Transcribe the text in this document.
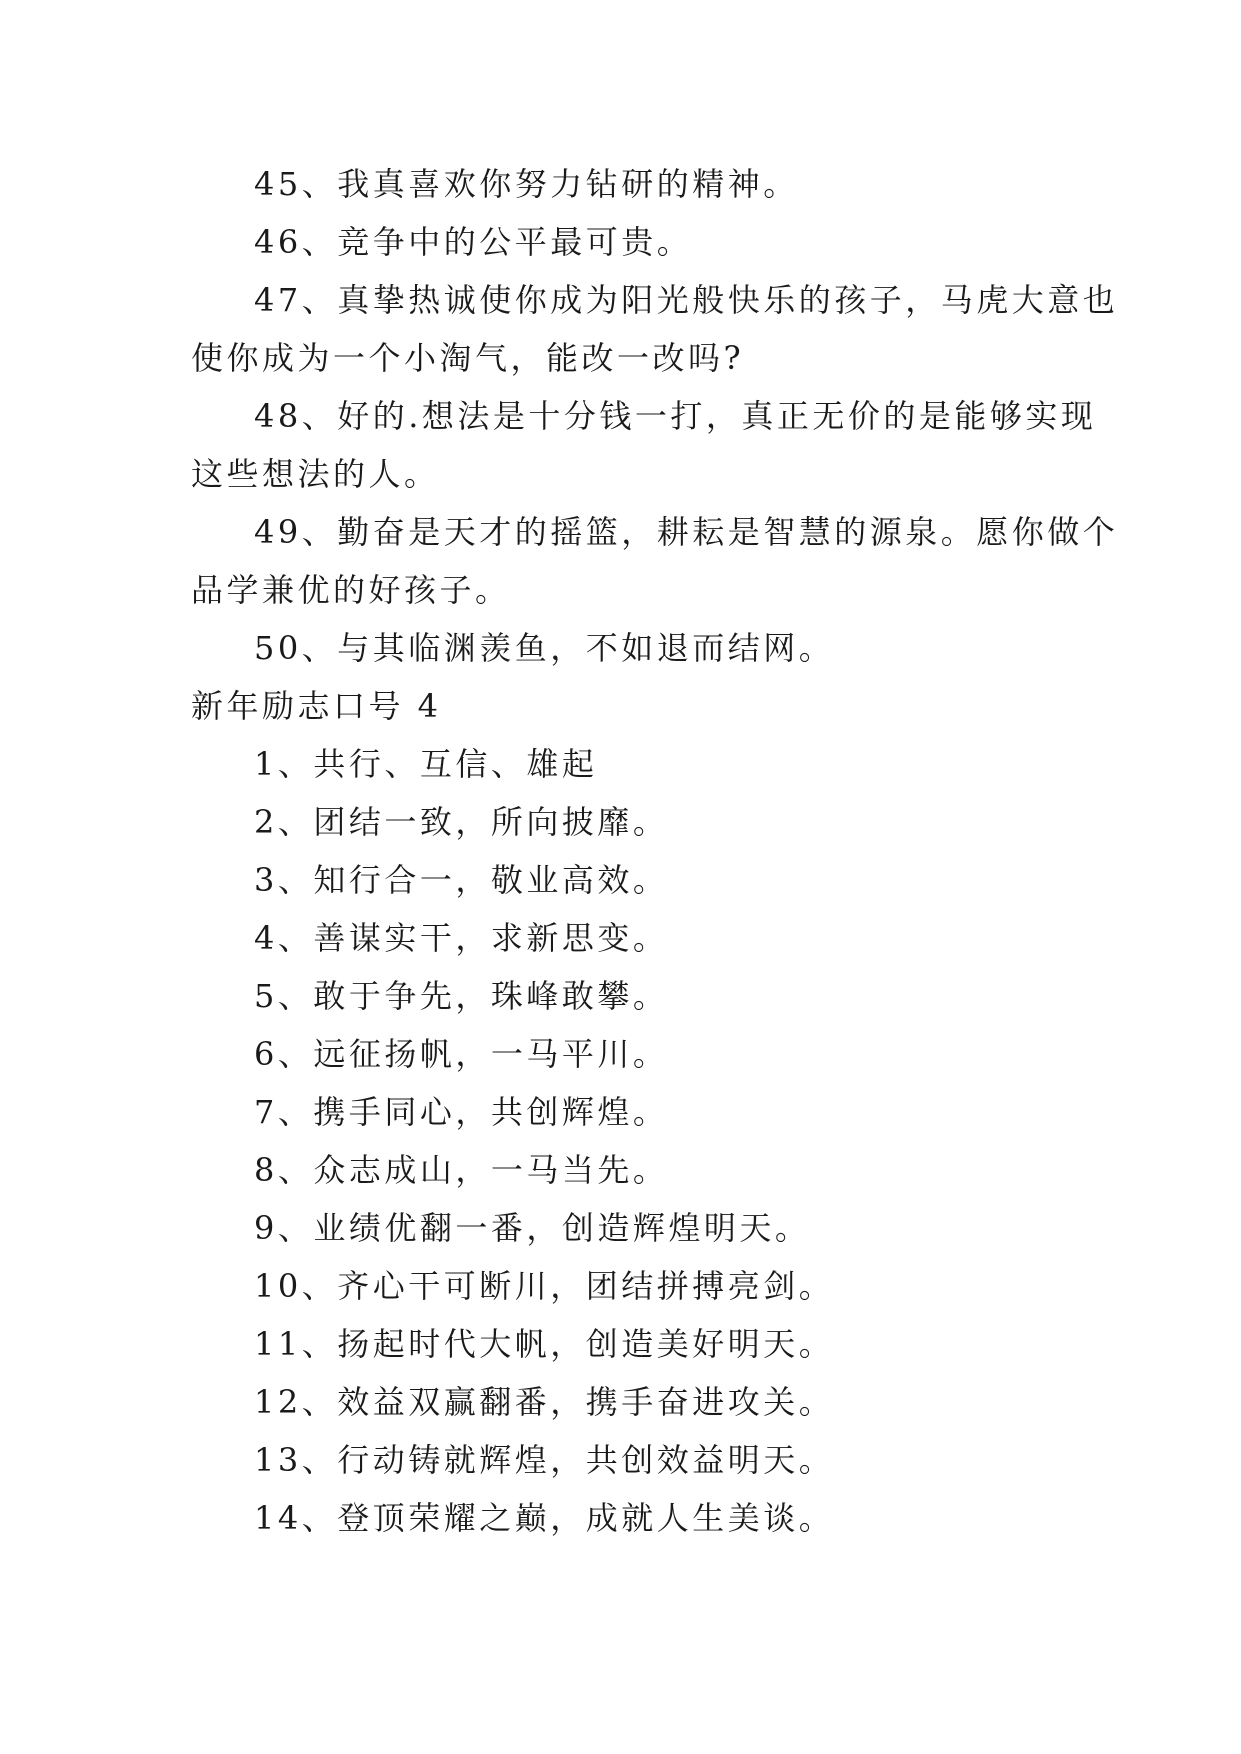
45、我真喜欢你努力钻研的精神。
46、竞争中的公平最可贵。
47、真挚热诚使你成为阳光般快乐的孩子，马虎大意也
使你成为一个小淘气，能改一改吗?
48、好的.想法是十分钱一打，真正无价的是能够实现
这些想法的人。
49、勤奋是天才的摇篮，耕耘是智慧的源泉。愿你做个
品学兼优的好孩子。
50、与其临渊羡鱼，不如退而结网。
新年励志口号 4
1、共行、互信、雄起
2、团结一致，所向披靡。
3、知行合一，敬业高效。
4、善谋实干，求新思变。
5、敢于争先，珠峰敢攀。
6、远征扬帆，一马平川。
7、携手同心，共创辉煌。
8、众志成山，一马当先。
9、业绩优翻一番，创造辉煌明天。
10、齐心干可断川，团结拼搏亮剑。
11、扬起时代大帆，创造美好明天。
12、效益双赢翻番，携手奋进攻关。
13、行动铸就辉煌，共创效益明天。
14、登顶荣耀之巅，成就人生美谈。
